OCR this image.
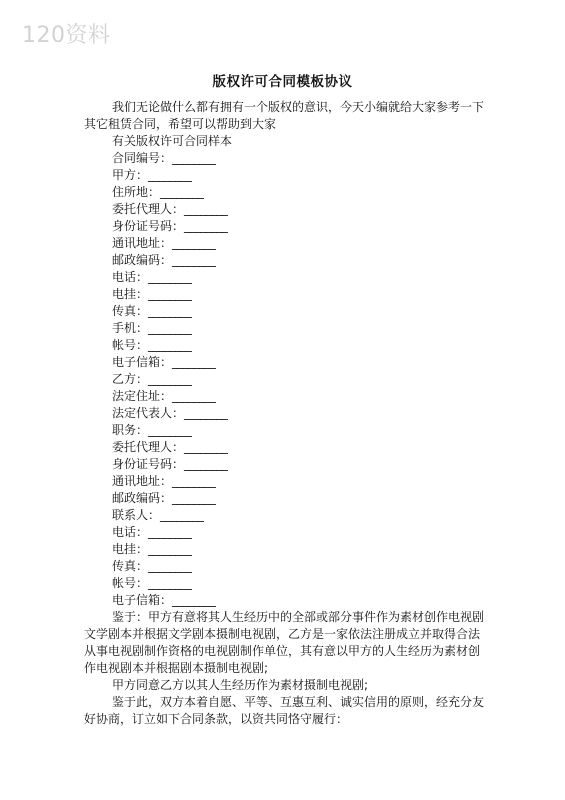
120资料
版权许可合同模板协议

我们无论做什么都有拥有一个版权的意识，今天小编就给大家参考一下其它租赁合同，希望可以帮助到大家

有关版权许可合同样本

合同编号：________

甲方：________

住所地：________

委托代理人：________

身份证号码：________

通讯地址：________

邮政编码：________

电话：________

电挂：________

传真：________

手机：________

帐号：________

电子信箱：________

乙方：________

法定住址：________

法定代表人：________

职务：________

委托代理人：________

身份证号码：________

通讯地址：________

邮政编码：________

联系人：________

电话：________

电挂：________

传真：________

帐号：________

电子信箱：________

鉴于：甲方有意将其人生经历中的全部或部分事件作为素材创作电视剧文学剧本并根据文学剧本摄制电视剧，乙方是一家依法注册成立并取得合法从事电视剧制作资格的电视剧制作单位，其有意以甲方的人生经历为素材创作电视剧本并根据剧本摄制电视剧;

甲方同意乙方以其人生经历作为素材摄制电视剧;

鉴于此，双方本着自愿、平等、互惠互利、诚实信用的原则，经充分友好协商，订立如下合同条款，以资共同恪守履行：
